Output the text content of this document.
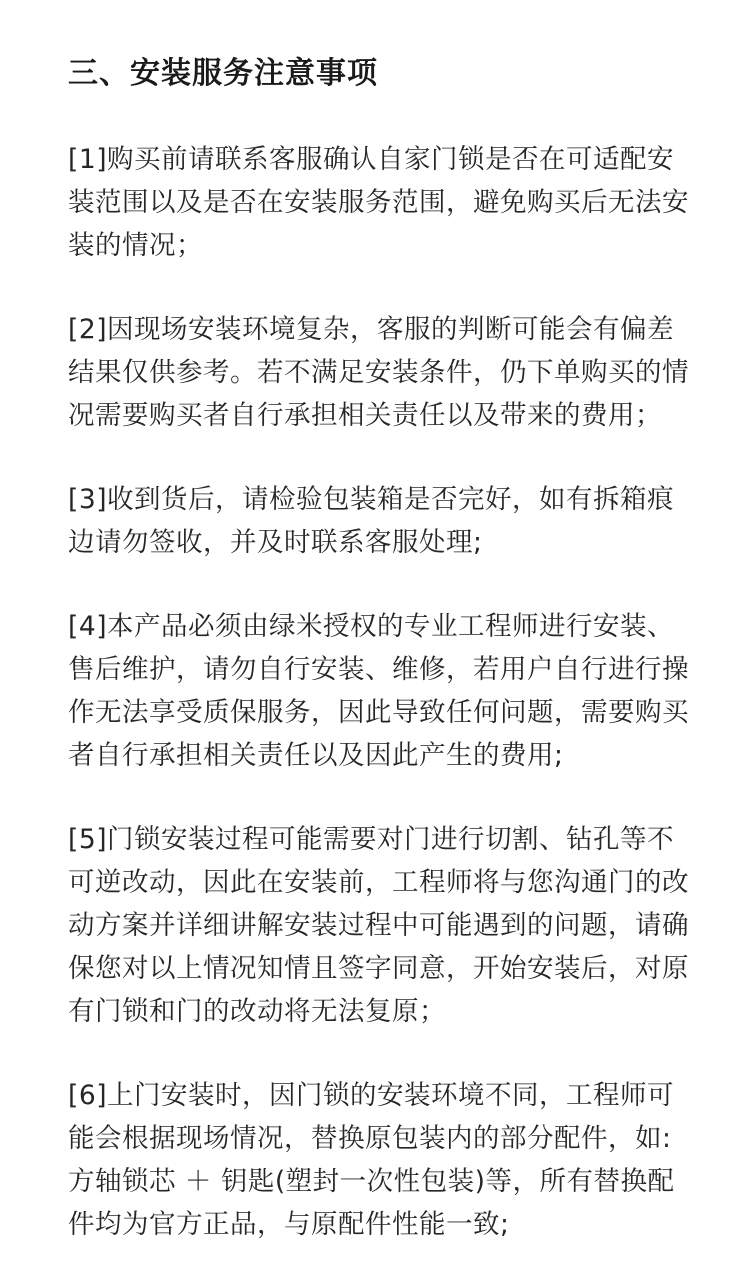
三、安装服务注意事项

[1]购买前请联系客服确认自家门锁是否在可适配安装范围以及是否在安装服务范围，避免购买后无法安装的情况；

[2]因现场安装环境复杂，客服的判断可能会有偏差结果仅供参考。若不满足安装条件，仍下单购买的情况需要购买者自行承担相关责任以及带来的费用；

[3]收到货后，请检验包装箱是否完好，如有拆箱痕边请勿签收，并及时联系客服处理;

[4]本产品必须由绿米授权的专业工程师进行安装、售后维护，请勿自行安装、维修，若用户自行进行操作无法享受质保服务，因此导致任何问题，需要购买者自行承担相关责任以及因此产生的费用;

[5]门锁安装过程可能需要对门进行切割、钻孔等不可逆改动，因此在安装前，工程师将与您沟通门的改动方案并详细讲解安装过程中可能遇到的问题，请确保您对以上情况知情且签字同意，开始安装后，对原有门锁和门的改动将无法复原；

[6]上门安装时，因门锁的安装环境不同，工程师可能会根据现场情况，替换原包装内的部分配件，如:方轴锁芯 ＋ 钥匙(塑封一次性包装)等，所有替换配件均为官方正品，与原配件性能一致;
